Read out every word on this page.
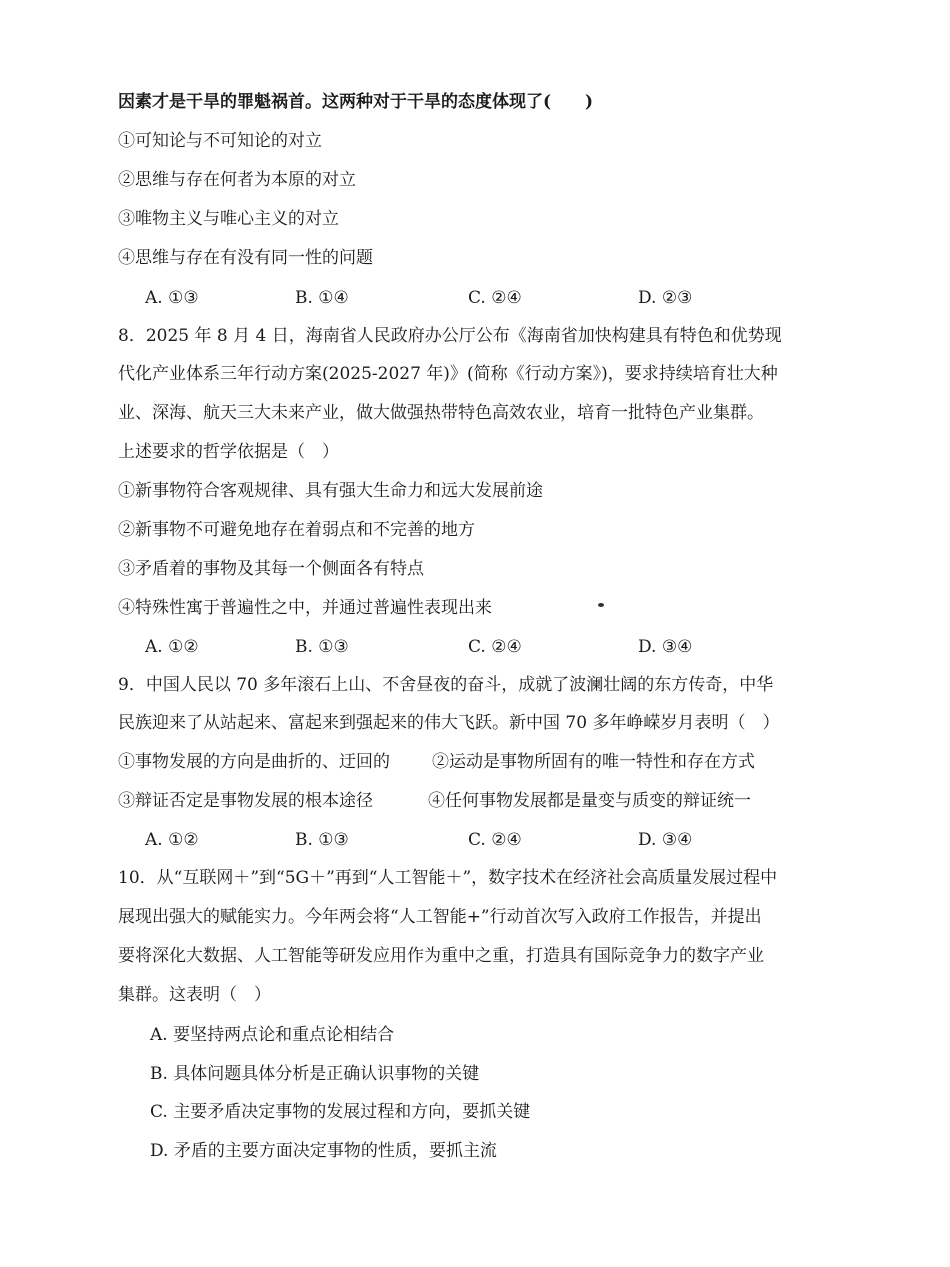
因素才是干旱的罪魁祸首。这两种对于干旱的态度体现了(　　)
①可知论与不可知论的对立
②思维与存在何者为本原的对立
③唯物主义与唯心主义的对立
④思维与存在有没有同一性的问题
A. ①③	B. ①④	C. ②④	D. ②③
8．2025 年 8 月 4 日，海南省人民政府办公厅公布《海南省加快构建具有特色和优势现
代化产业体系三年行动方案(2025-2027 年)》(简称《行动方案》)，要求持续培育壮大种
业、深海、航天三大未来产业，做大做强热带特色高效农业，培育一批特色产业集群。
上述要求的哲学依据是（　）
①新事物符合客观规律、具有强大生命力和远大发展前途
②新事物不可避免地存在着弱点和不完善的地方
③矛盾着的事物及其每一个侧面各有特点
④特殊性寓于普遍性之中，并通过普遍性表现出来
A. ①②	B. ①③	C. ②④	D. ③④
9．中国人民以 70 多年滚石上山、不舍昼夜的奋斗，成就了波澜壮阔的东方传奇，中华
民族迎来了从站起来、富起来到强起来的伟大飞跃。新中国 70 多年峥嵘岁月表明（　）
①事物发展的方向是曲折的、迂回的 ②运动是事物所固有的唯一特性和存在方式
③辩证否定是事物发展的根本途径	④任何事物发展都是量变与质变的辩证统一
A. ①②	B. ①③	C. ②④	D. ③④
10．从“互联网＋”到“5G＋”再到“人工智能＋”，数字技术在经济社会高质量发展过程中
展现出强大的赋能实力。今年两会将“人工智能+”行动首次写入政府工作报告，并提出
要将深化大数据、人工智能等研发应用作为重中之重，打造具有国际竞争力的数字产业
集群。这表明（　）
A. 要坚持两点论和重点论相结合
B. 具体问题具体分析是正确认识事物的关键
C. 主要矛盾决定事物的发展过程和方向，要抓关键
D. 矛盾的主要方面决定事物的性质，要抓主流
